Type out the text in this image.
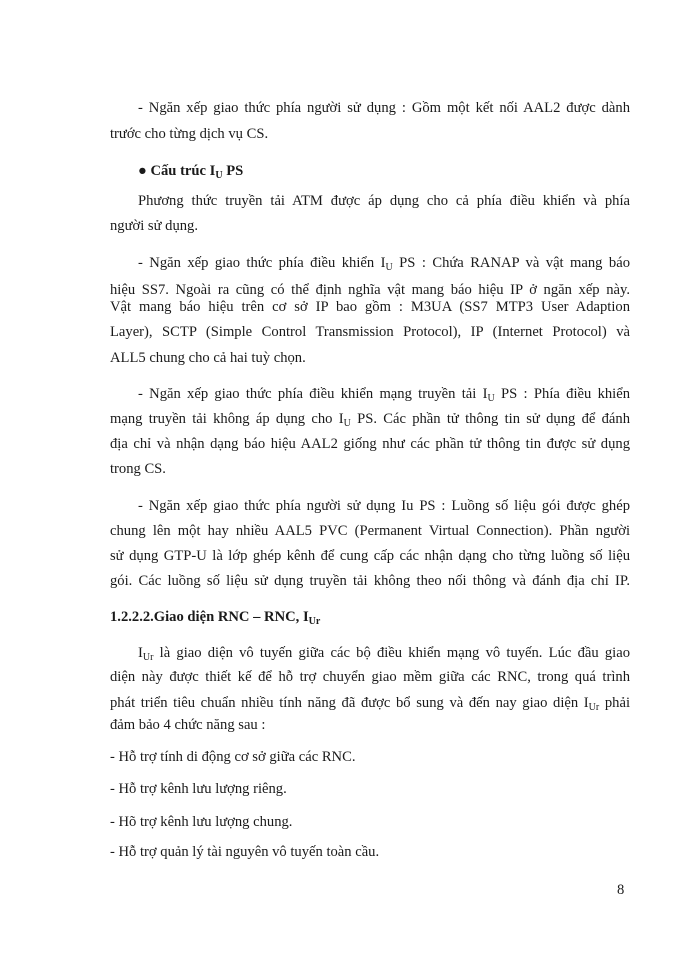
- Ngăn xếp giao thức phía người sử dụng : Gồm một kết nối AAL2 được dành
trước cho từng dịch vụ CS.
● Cấu trúc $I_U$ PS
Phương thức truyền tải ATM được áp dụng cho cả phía điều khiển và phía
người sử dụng.
- Ngăn xếp giao thức phía điều khiển $I_U$ PS : Chứa RANAP và vật mang báo
hiệu SS7. Ngoài ra cũng có thể định nghĩa vật mang báo hiệu IP ở ngăn xếp này.
Vật mang báo hiệu trên cơ sở IP bao gồm : M3UA (SS7 MTP3 User Adaption
Layer), SCTP (Simple Control Transmission Protocol), IP (Internet Protocol) và
ALL5 chung cho cả hai tuỳ chọn.
- Ngăn xếp giao thức phía điều khiển mạng truyền tải $I_U$ PS : Phía điều khiển
mạng truyền tải không áp dụng cho $I_U$ PS. Các phần tử thông tin sử dụng để đánh
địa chỉ và nhận dạng báo hiệu AAL2 giống như các phần tử thông tin được sử dụng
trong CS.
- Ngăn xếp giao thức phía người sử dụng Iu PS : Luồng số liệu gói được ghép
chung lên một hay nhiều AAL5 PVC (Permanent Virtual Connection). Phần người
sử dụng GTP-U là lớp ghép kênh để cung cấp các nhận dạng cho từng luồng số liệu
gói. Các luồng số liệu sử dụng truyền tải không theo nối thông và đánh địa chỉ IP.
1.2.2.2.Giao diện RNC – RNC, $I_{Ur}$
$I_{Ur}$ là giao diện vô tuyến giữa các bộ điều khiển mạng vô tuyến. Lúc đầu giao
diện này được thiết kế để hỗ trợ chuyển giao mềm giữa các RNC, trong quá trình
phát triển tiêu chuẩn nhiều tính năng đã được bổ sung và đến nay giao diện $I_{Ur}$ phải
đảm bảo 4 chức năng sau :
- Hỗ trợ tính di động cơ sở giữa các RNC.
- Hỗ trợ kênh lưu lượng riêng.
- Hõ trợ kênh lưu lượng chung.
- Hỗ trợ quản lý tài nguyên vô tuyến toàn cầu.
8
